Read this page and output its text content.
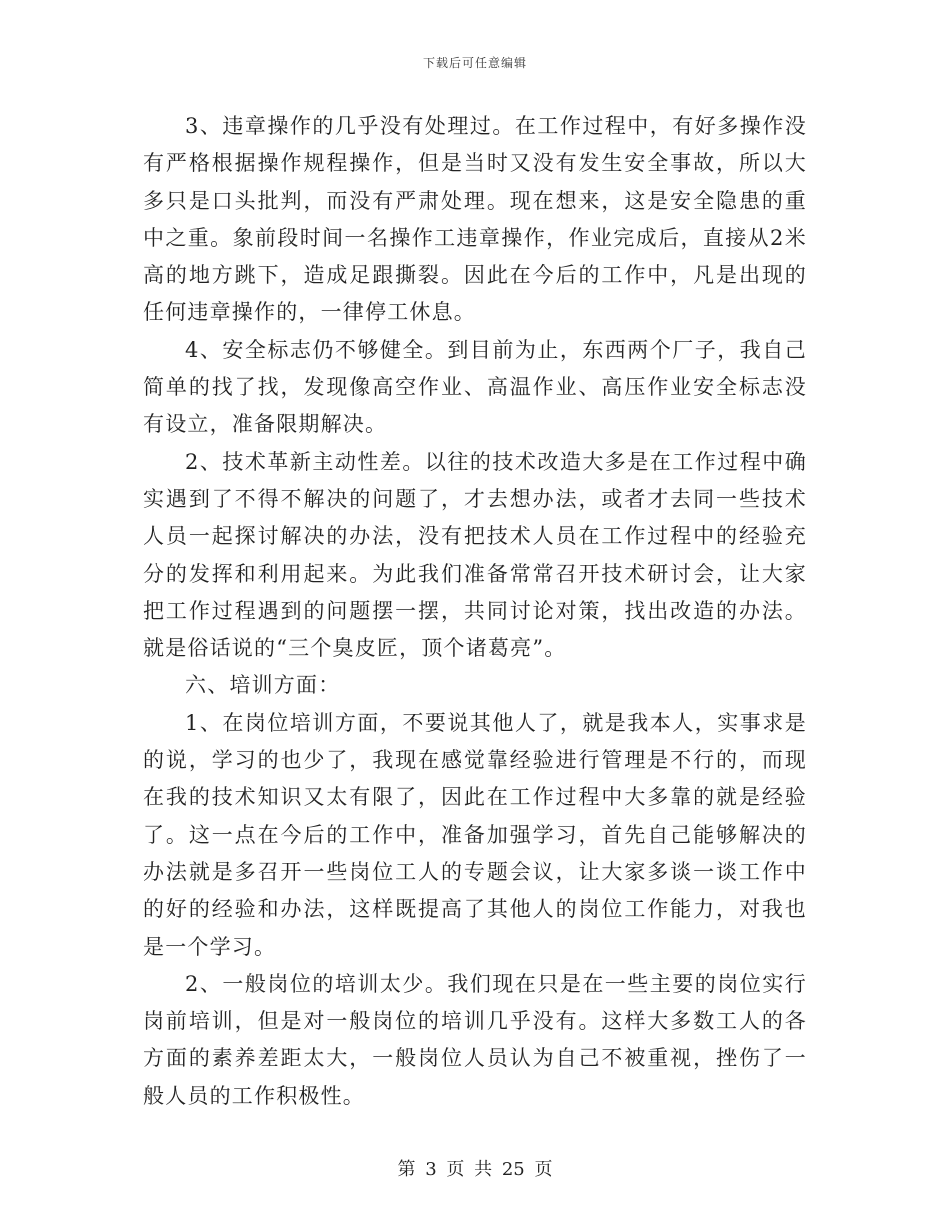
下载后可任意编辑

3、违章操作的几乎没有处理过。在工作过程中，有好多操作没有严格根据操作规程操作，但是当时又没有发生安全事故，所以大多只是口头批判，而没有严肃处理。现在想来，这是安全隐患的重中之重。象前段时间一名操作工违章操作，作业完成后，直接从2米高的地方跳下，造成足跟撕裂。因此在今后的工作中，凡是出现的任何违章操作的，一律停工休息。

4、安全标志仍不够健全。到目前为止，东西两个厂子，我自己简单的找了找，发现像高空作业、高温作业、高压作业安全标志没有设立，准备限期解决。

2、技术革新主动性差。以往的技术改造大多是在工作过程中确实遇到了不得不解决的问题了，才去想办法，或者才去同一些技术人员一起探讨解决的办法，没有把技术人员在工作过程中的经验充分的发挥和利用起来。为此我们准备常常召开技术研讨会，让大家把工作过程遇到的问题摆一摆，共同讨论对策，找出改造的办法。就是俗话说的“三个臭皮匠，顶个诸葛亮”。

六、培训方面：

1、在岗位培训方面，不要说其他人了，就是我本人，实事求是的说，学习的也少了，我现在感觉靠经验进行管理是不行的，而现在我的技术知识又太有限了，因此在工作过程中大多靠的就是经验了。这一点在今后的工作中，准备加强学习，首先自己能够解决的办法就是多召开一些岗位工人的专题会议，让大家多谈一谈工作中的好的经验和办法，这样既提高了其他人的岗位工作能力，对我也是一个学习。

2、一般岗位的培训太少。我们现在只是在一些主要的岗位实行岗前培训，但是对一般岗位的培训几乎没有。这样大多数工人的各方面的素养差距太大，一般岗位人员认为自己不被重视，挫伤了一般人员的工作积极性。

第 3 页 共 25 页
